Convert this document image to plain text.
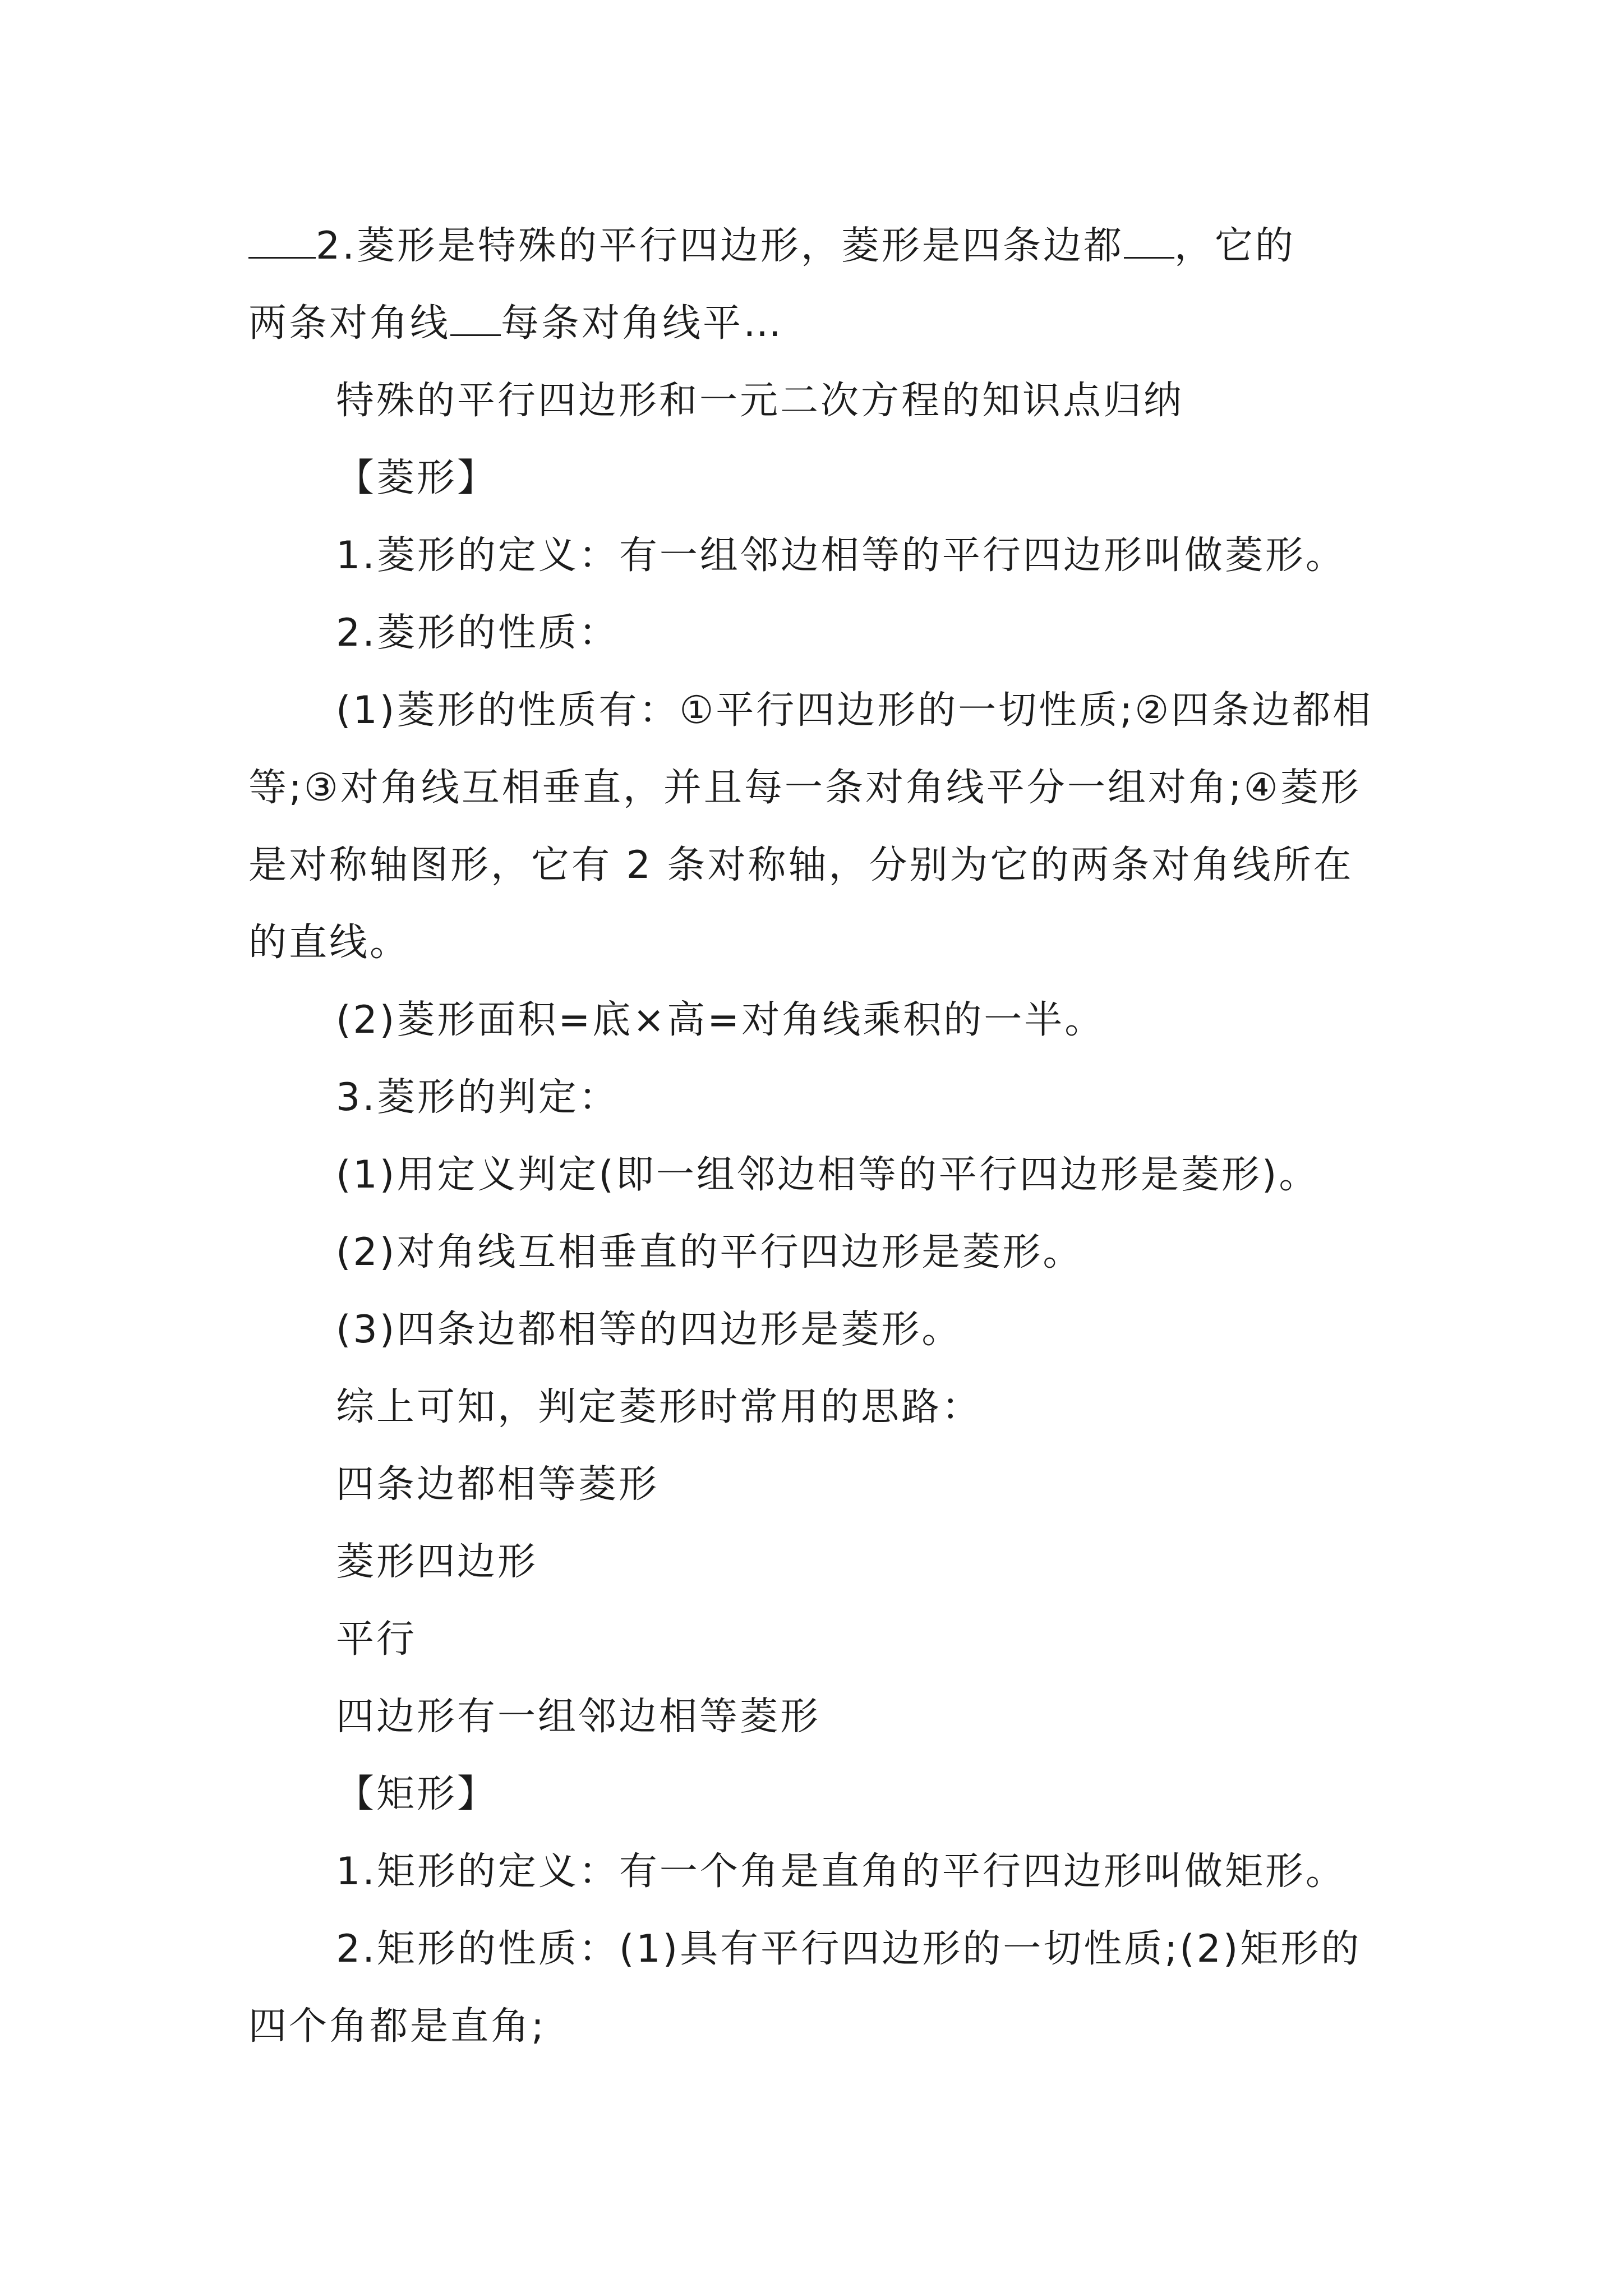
2.菱形是特殊的平行四边形，菱形是四条边都 ，它的
两条对角线 每条对角线平…

特殊的平行四边形和一元二次方程的知识点归纳

【菱形】

1.菱形的定义：有一组邻边相等的平行四边形叫做菱形。

2.菱形的性质：

(1)菱形的性质有：①平行四边形的一切性质;②四条边都相等;③对角线互相垂直，并且每一条对角线平分一组对角;④菱形是对称轴图形，它有 2 条对称轴，分别为它的两条对角线所在的直线。

(2)菱形面积=底×高=对角线乘积的一半。

3.菱形的判定：

(1)用定义判定(即一组邻边相等的平行四边形是菱形)。

(2)对角线互相垂直的平行四边形是菱形。

(3)四条边都相等的四边形是菱形。

综上可知，判定菱形时常用的思路：

四条边都相等菱形

菱形四边形

平行

四边形有一组邻边相等菱形

【矩形】

1.矩形的定义：有一个角是直角的平行四边形叫做矩形。

2.矩形的性质：(1)具有平行四边形的一切性质;(2)矩形的四个角都是直角;
